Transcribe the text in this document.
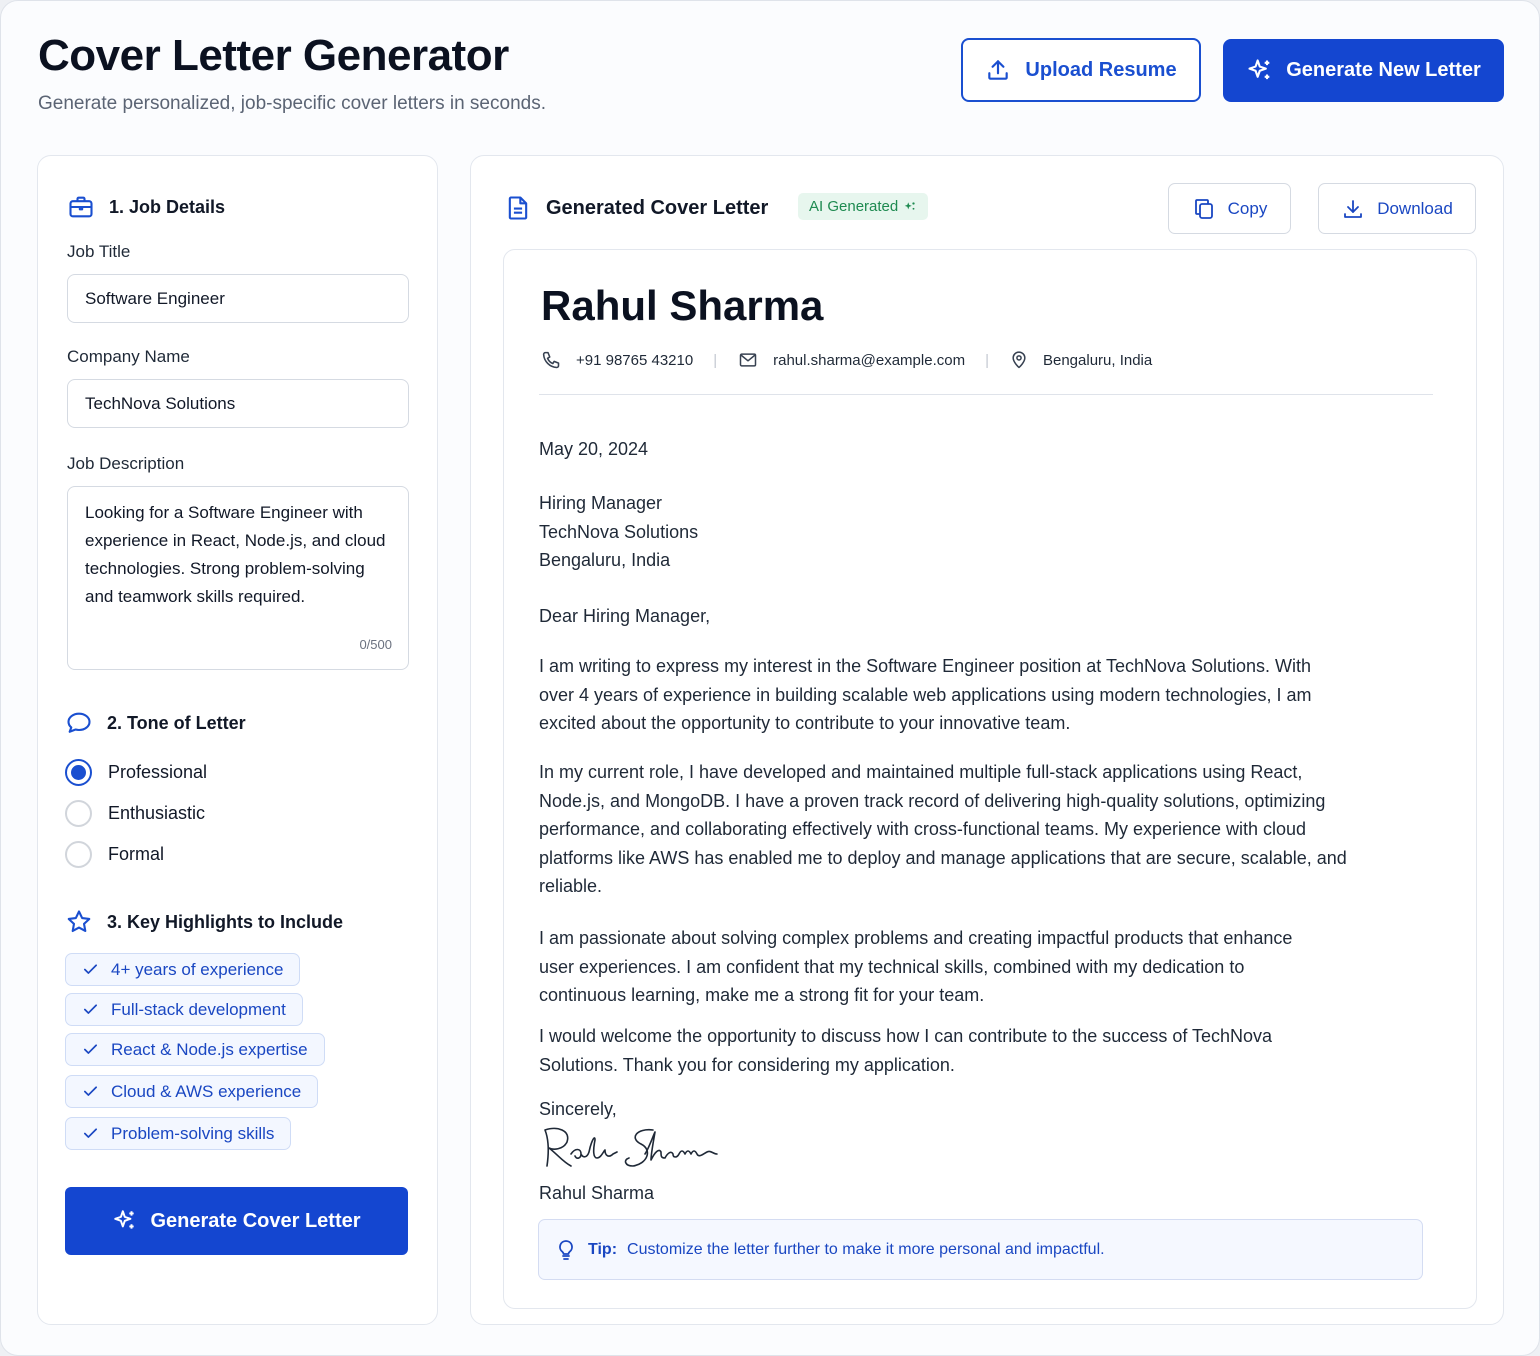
Cover Letter Generator

Generate personalized, job-specific cover letters in seconds.

Upload Resume	Generate New Letter
1. Job Details
Job Title
Software Engineer
Company Name
TechNova Solutions
Job Description
Looking for a Software Engineer with experience in React, Node.js, and cloud technologies. Strong problem-solving and teamwork skills required.
0/500
2. Tone of Letter
Professional
Enthusiastic
Formal
3. Key Highlights to Include
4+ years of experience
Full-stack development
React & Node.js expertise
Cloud & AWS experience
Problem-solving skills
Generate Cover Letter
Generated Cover Letter	AI Generated	Copy	Download
Rahul Sharma
+91 98765 43210 |	rahul.sharma@example.com |	Bengaluru, India
May 20, 2024
Hiring Manager
TechNova Solutions
Bengaluru, India
Dear Hiring Manager,
I am writing to express my interest in the Software Engineer position at TechNova Solutions. With over 4 years of experience in building scalable web applications using modern technologies, I am excited about the opportunity to contribute to your innovative team.
In my current role, I have developed and maintained multiple full-stack applications using React, Node.js, and MongoDB. I have a proven track record of delivering high-quality solutions, optimizing performance, and collaborating effectively with cross-functional teams. My experience with cloud platforms like AWS has enabled me to deploy and manage applications that are secure, scalable, and reliable.
I am passionate about solving complex problems and creating impactful products that enhance user experiences. I am confident that my technical skills, combined with my dedication to continuous learning, make me a strong fit for your team.
I would welcome the opportunity to discuss how I can contribute to the success of TechNova Solutions. Thank you for considering my application.
Sincerely,
Rahul Sharma
Tip: Customize the letter further to make it more personal and impactful.
